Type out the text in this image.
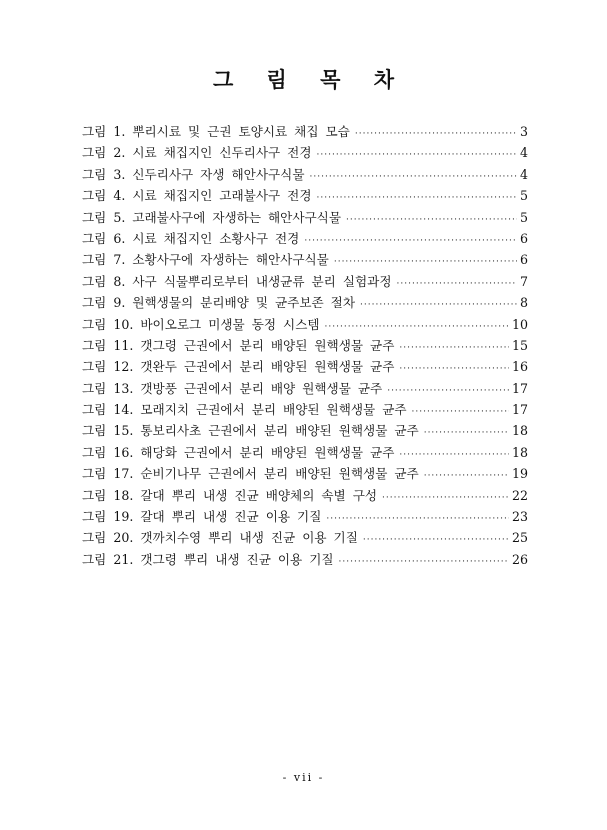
그 림 목 차
그림 1. 뿌리시료 및 근권 토양시료 채집 모습 ·····	3
그림 2. 시료 채집지인 신두리사구 전경 ·····	4
그림 3. 신두리사구 자생 해안사구식물 ·····	4
그림 4. 시료 채집지인 고래불사구 전경 ·····	5
그림 5. 고래불사구에 자생하는 해안사구식물 ·····	5
그림 6. 시료 채집지인 소황사구 전경 ·····	6
그림 7. 소황사구에 자생하는 해안사구식물 ·····	6
그림 8. 사구 식물뿌리로부터 내생균류 분리 실험과정 ·····	7
그림 9. 원핵생물의 분리배양 및 균주보존 절차 ·····	8
그림 10. 바이오로그 미생물 동정 시스템 ·····	10
그림 11. 갯그령 근권에서 분리 배양된 원핵생물 균주 ·····	15
그림 12. 갯완두 근권에서 분리 배양된 원핵생물 균주 ·····	16
그림 13. 갯방풍 근권에서 분리 배양 원핵생물 균주 ·····	17
그림 14. 모래지치 근권에서 분리 배양된 원핵생물 균주 ·····	17
그림 15. 통보리사초 근권에서 분리 배양된 원핵생물 균주 ·····	18
그림 16. 해당화 근권에서 분리 배양된 원핵생물 균주 ·····	18
그림 17. 순비기나무 근권에서 분리 배양된 원핵생물 균주 ·····	19
그림 18. 갈대 뿌리 내생 진균 배양체의 속별 구성 ·····	22
그림 19. 갈대 뿌리 내생 진균 이용 기질 ·····	23
그림 20. 갯까치수영 뿌리 내생 진균 이용 기질 ·····	25
그림 21. 갯그령 뿌리 내생 진균 이용 기질 ·····	26
- vii -
